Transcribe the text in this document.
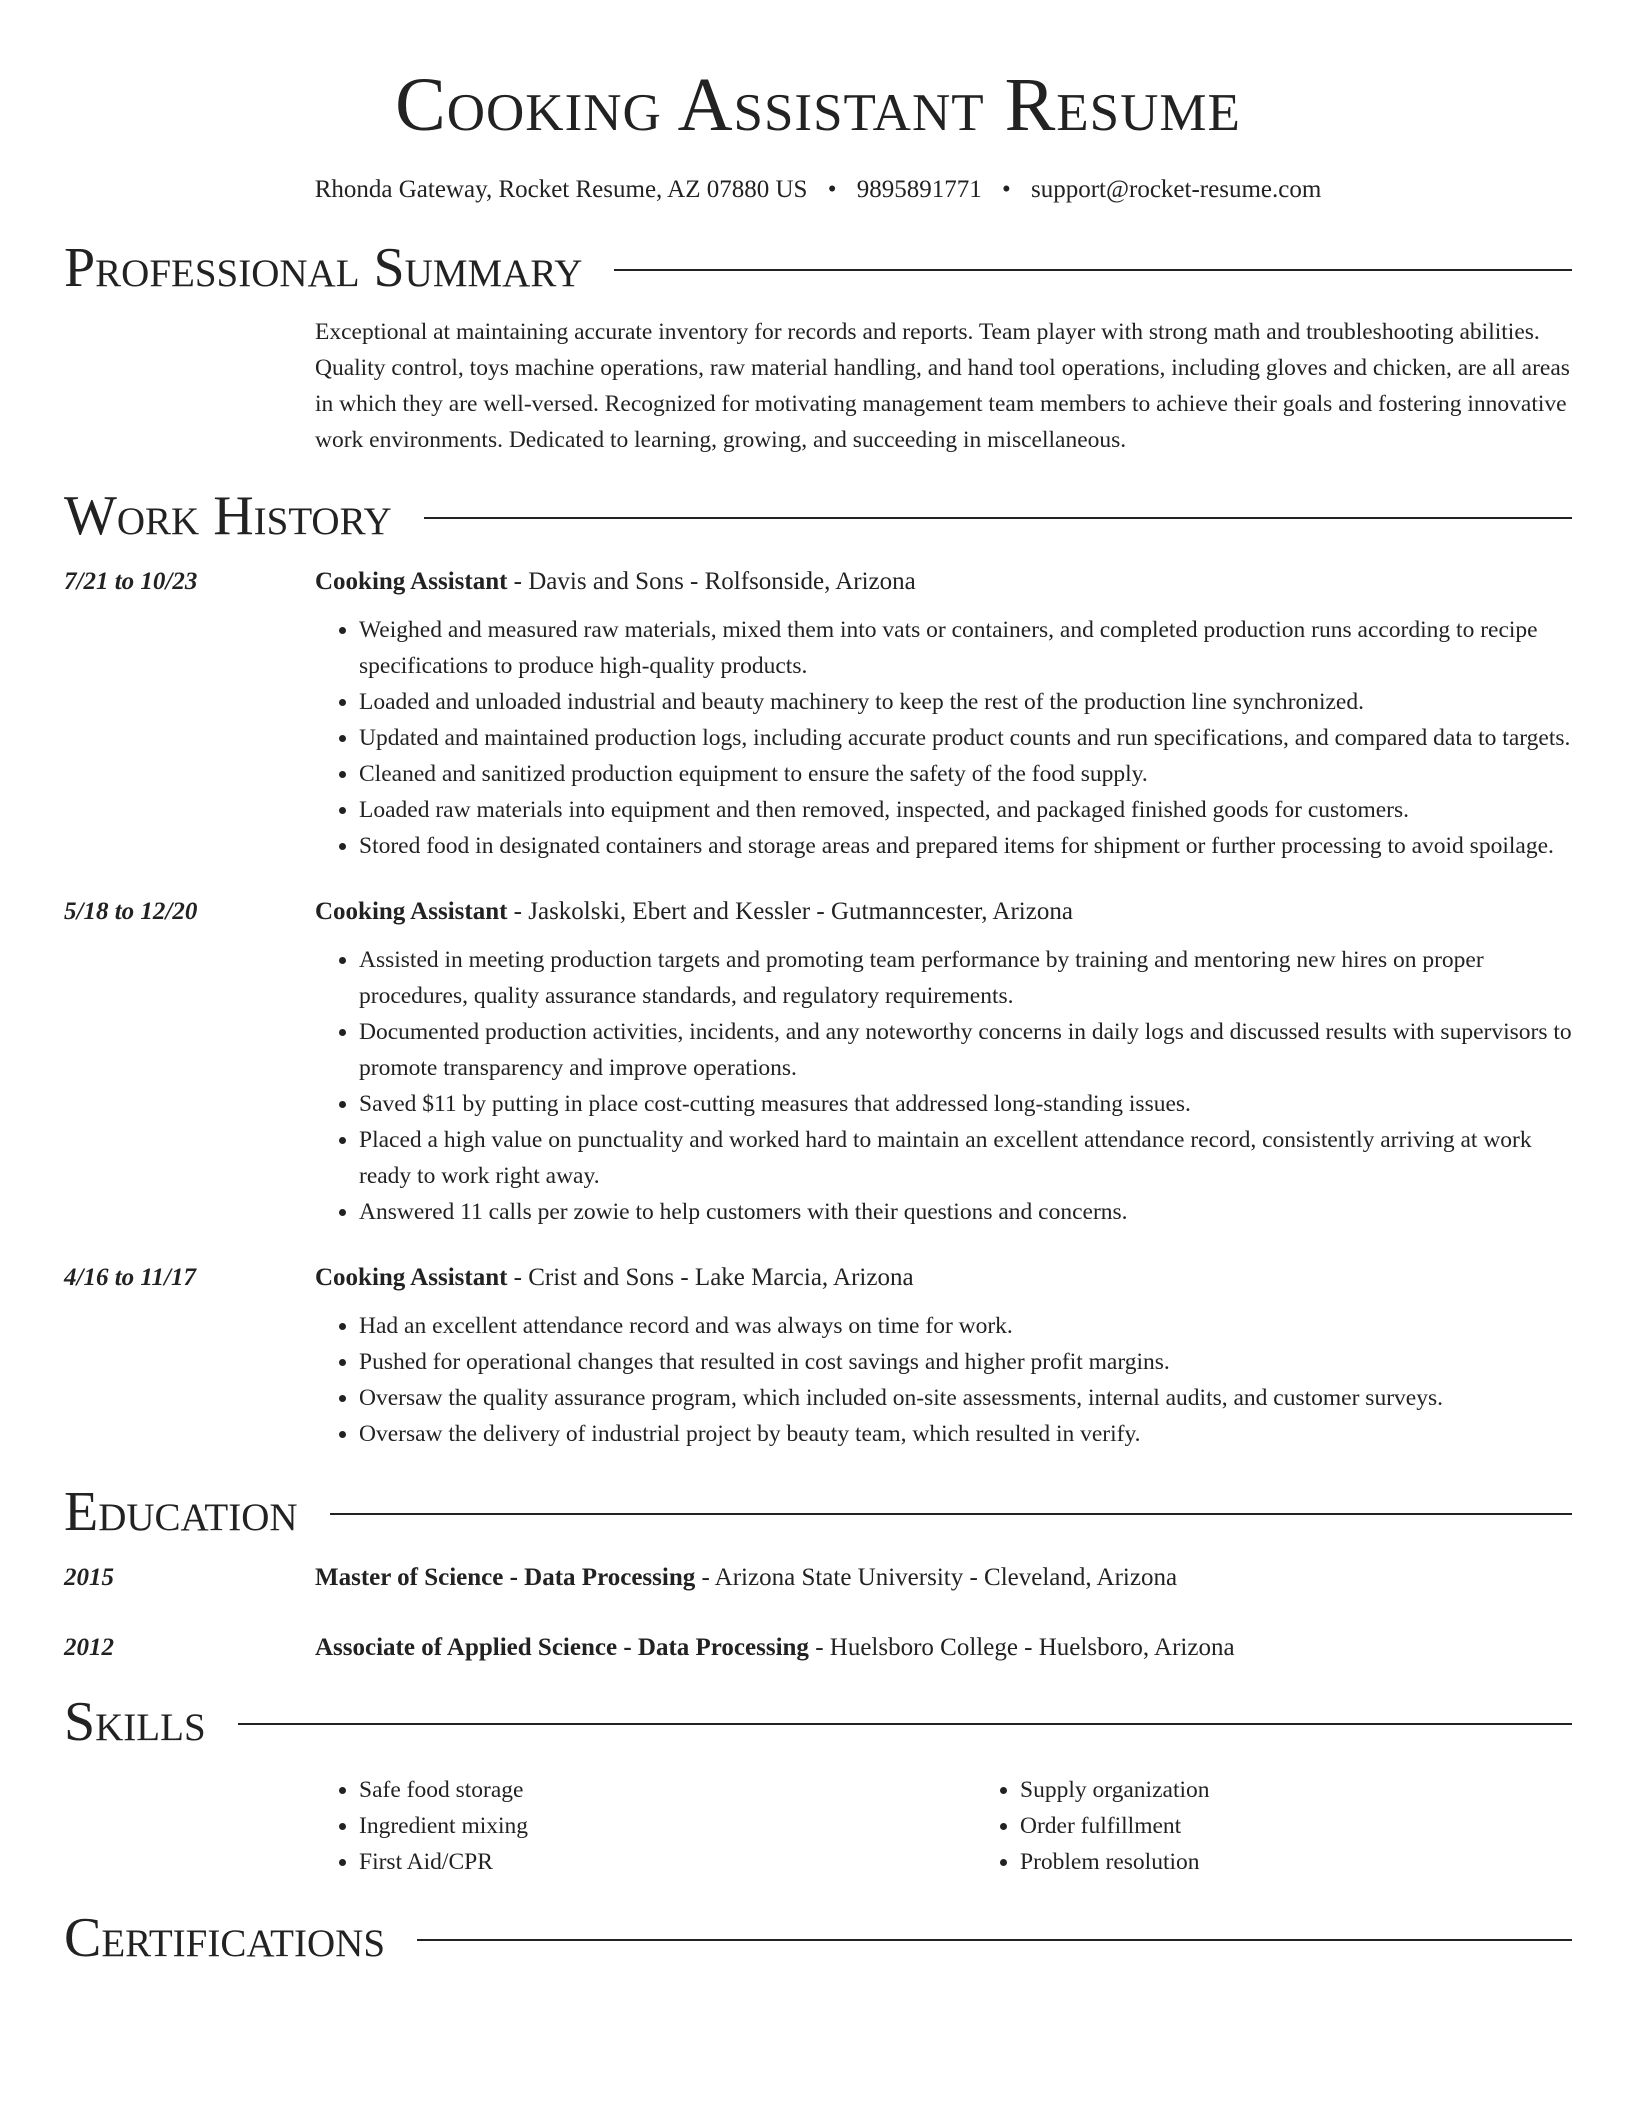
Cooking Assistant Resume
Rhonda Gateway, Rocket Resume, AZ 07880 US • 9895891771 • support@rocket-resume.com
Professional Summary
Exceptional at maintaining accurate inventory for records and reports. Team player with strong math and troubleshooting abilities. Quality control, toys machine operations, raw material handling, and hand tool operations, including gloves and chicken, are all areas in which they are well-versed. Recognized for motivating management team members to achieve their goals and fostering innovative work environments. Dedicated to learning, growing, and succeeding in miscellaneous.
Work History
7/21 to 10/23	Cooking Assistant - Davis and Sons - Rolfsonside, Arizona
• Weighed and measured raw materials, mixed them into vats or containers, and completed production runs according to recipe specifications to produce high-quality products.
• Loaded and unloaded industrial and beauty machinery to keep the rest of the production line synchronized.
• Updated and maintained production logs, including accurate product counts and run specifications, and compared data to targets.
• Cleaned and sanitized production equipment to ensure the safety of the food supply.
• Loaded raw materials into equipment and then removed, inspected, and packaged finished goods for customers.
• Stored food in designated containers and storage areas and prepared items for shipment or further processing to avoid spoilage.
5/18 to 12/20	Cooking Assistant - Jaskolski, Ebert and Kessler - Gutmanncester, Arizona
• Assisted in meeting production targets and promoting team performance by training and mentoring new hires on proper procedures, quality assurance standards, and regulatory requirements.
• Documented production activities, incidents, and any noteworthy concerns in daily logs and discussed results with supervisors to promote transparency and improve operations.
• Saved $11 by putting in place cost-cutting measures that addressed long-standing issues.
• Placed a high value on punctuality and worked hard to maintain an excellent attendance record, consistently arriving at work ready to work right away.
• Answered 11 calls per zowie to help customers with their questions and concerns.
4/16 to 11/17	Cooking Assistant - Crist and Sons - Lake Marcia, Arizona
• Had an excellent attendance record and was always on time for work.
• Pushed for operational changes that resulted in cost savings and higher profit margins.
• Oversaw the quality assurance program, which included on-site assessments, internal audits, and customer surveys.
• Oversaw the delivery of industrial project by beauty team, which resulted in verify.
Education
2015	Master of Science - Data Processing - Arizona State University - Cleveland, Arizona
2012	Associate of Applied Science - Data Processing - Huelsboro College - Huelsboro, Arizona
Skills
• Safe food storage
• Ingredient mixing
• First Aid/CPR
• Supply organization
• Order fulfillment
• Problem resolution
Certifications
